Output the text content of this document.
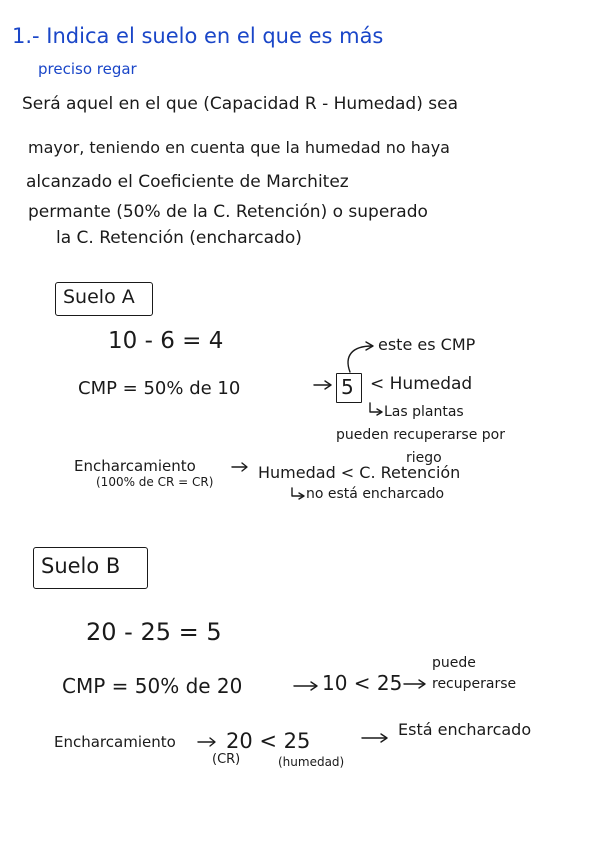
1.- Indica el suelo en el que es más
preciso regar
Será aquel en el que (Capacidad R - Humedad) sea
mayor, teniendo en cuenta que la humedad no haya
alcanzado el Coeficiente de Marchitez
permante (50% de la C. Retención) o superado
la C. Retención (encharcado)
Suelo A
10 - 6 = 4	este es CMP
CMP = 50% de 10	5 < Humedad
Las plantas
pueden recuperarse por
riego
Encharcamiento
(100% de CR = CR)	Humedad < C. Retención
no está encharcado
Suelo B
20 - 25 = 5
CMP = 50% de 20	10 < 25
puede
recuperarse
Encharcamiento 20 < 25
(CR)	(humedad)
Está encharcado
